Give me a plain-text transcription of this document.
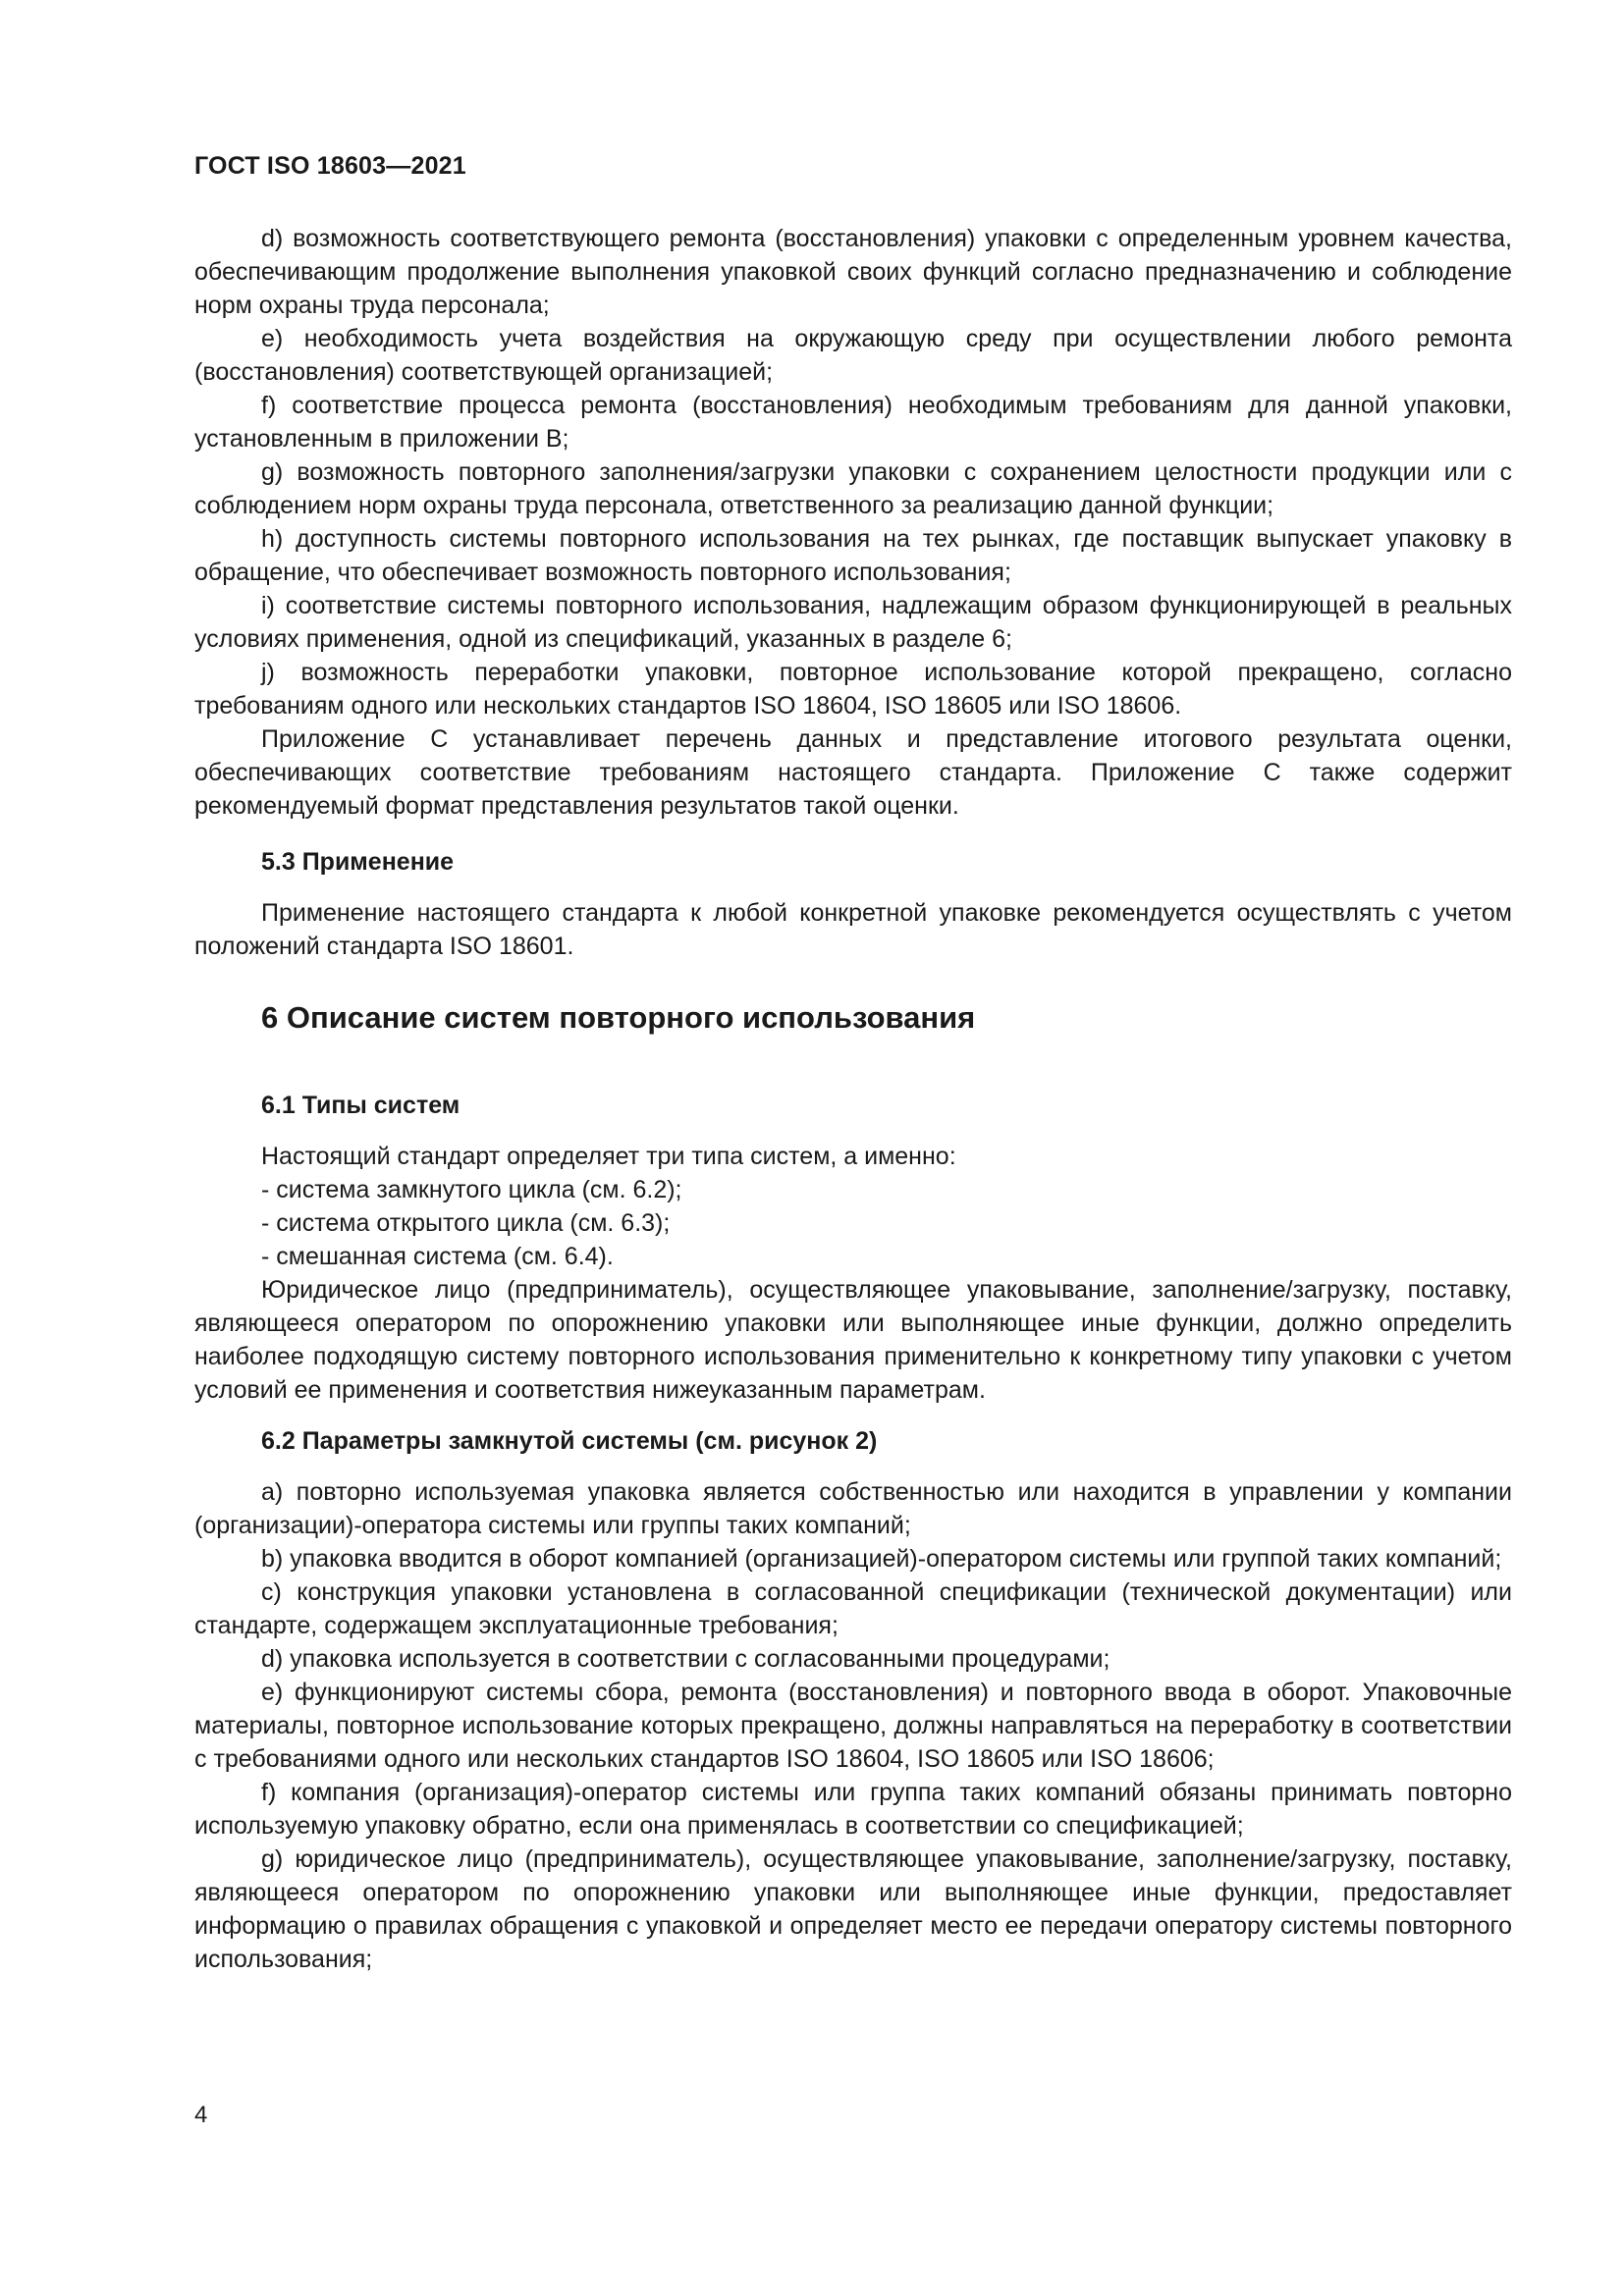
ГОСТ ISO 18603—2021

d) возможность соответствующего ремонта (восстановления) упаковки с определенным уровнем качества, обеспечивающим продолжение выполнения упаковкой своих функций согласно предназначению и соблюдение норм охраны труда персонала;

e) необходимость учета воздействия на окружающую среду при осуществлении любого ремонта (восстановления) соответствующей организацией;

f) соответствие процесса ремонта (восстановления) необходимым требованиям для данной упаковки, установленным в приложении B;

g) возможность повторного заполнения/загрузки упаковки с сохранением целостности продукции или с соблюдением норм охраны труда персонала, ответственного за реализацию данной функции;

h) доступность системы повторного использования на тех рынках, где поставщик выпускает упаковку в обращение, что обеспечивает возможность повторного использования;

i) соответствие системы повторного использования, надлежащим образом функционирующей в реальных условиях применения, одной из спецификаций, указанных в разделе 6;

j) возможность переработки упаковки, повторное использование которой прекращено, согласно требованиям одного или нескольких стандартов ISO 18604, ISO 18605 или ISO 18606.

Приложение C устанавливает перечень данных и представление итогового результата оценки, обеспечивающих соответствие требованиям настоящего стандарта. Приложение C также содержит рекомендуемый формат представления результатов такой оценки.

5.3 Применение

Применение настоящего стандарта к любой конкретной упаковке рекомендуется осуществлять с учетом положений стандарта ISO 18601.

6 Описание систем повторного использования

6.1 Типы систем

Настоящий стандарт определяет три типа систем, а именно:

- система замкнутого цикла (см. 6.2);

- система открытого цикла (см. 6.3);

- смешанная система (см. 6.4).

Юридическое лицо (предприниматель), осуществляющее упаковывание, заполнение/загрузку, поставку, являющееся оператором по опорожнению упаковки или выполняющее иные функции, должно определить наиболее подходящую систему повторного использования применительно к конкретному типу упаковки с учетом условий ее применения и соответствия нижеуказанным параметрам.

6.2 Параметры замкнутой системы (см. рисунок 2)

a) повторно используемая упаковка является собственностью или находится в управлении у компании (организации)-оператора системы или группы таких компаний;

b) упаковка вводится в оборот компанией (организацией)-оператором системы или группой таких компаний;

c) конструкция упаковки установлена в согласованной спецификации (технической документации) или стандарте, содержащем эксплуатационные требования;

d) упаковка используется в соответствии с согласованными процедурами;

e) функционируют системы сбора, ремонта (восстановления) и повторного ввода в оборот. Упаковочные материалы, повторное использование которых прекращено, должны направляться на переработку в соответствии с требованиями одного или нескольких стандартов ISO 18604, ISO 18605 или ISO 18606;

f) компания (организация)-оператор системы или группа таких компаний обязаны принимать повторно используемую упаковку обратно, если она применялась в соответствии со спецификацией;

g) юридическое лицо (предприниматель), осуществляющее упаковывание, заполнение/загрузку, поставку, являющееся оператором по опорожнению упаковки или выполняющее иные функции, предоставляет информацию о правилах обращения с упаковкой и определяет место ее передачи оператору системы повторного использования;

4
